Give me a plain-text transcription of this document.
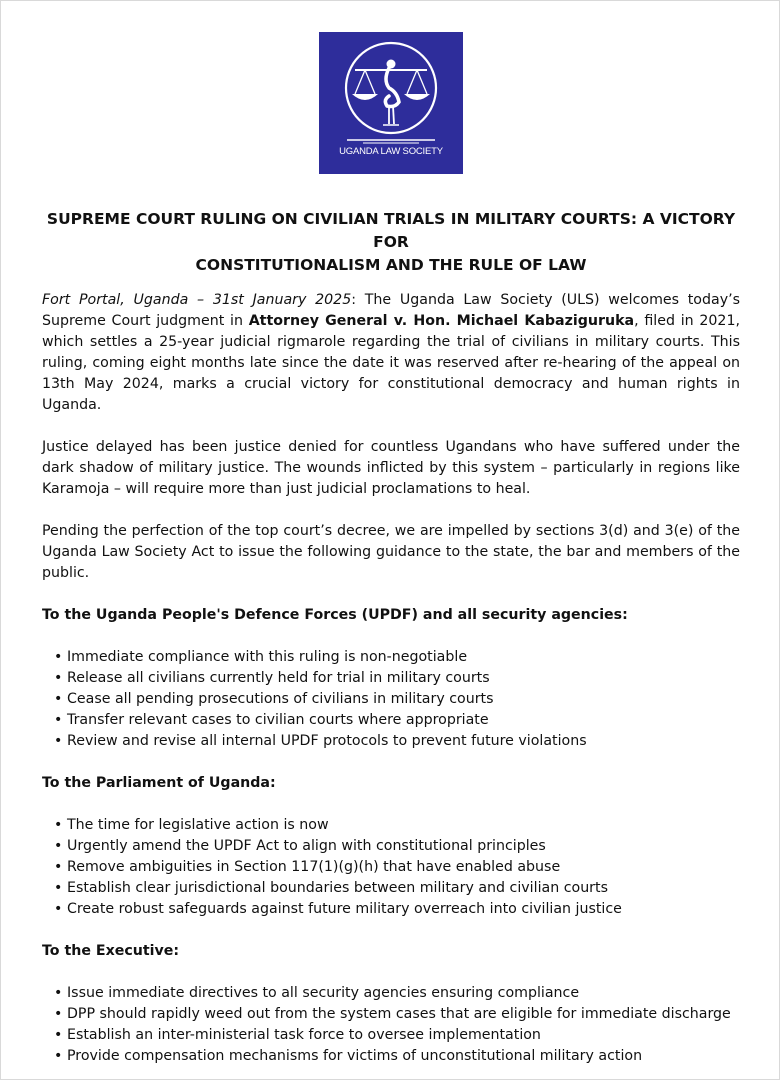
UGANDA LAW SOCIETY
SUPREME COURT RULING ON CIVILIAN TRIALS IN MILITARY COURTS: A VICTORY FOR
CONSTITUTIONALISM AND THE RULE OF LAW

Fort Portal, Uganda – 31st January 2025: The Uganda Law Society (ULS) welcomes today’s Supreme Court judgment in Attorney General v. Hon. Michael Kabaziguruka, filed in 2021, which settles a 25-year judicial rigmarole regarding the trial of civilians in military courts. This ruling, coming eight months late since the date it was reserved after re-hearing of the appeal on 13th May 2024, marks a crucial victory for constitutional democracy and human rights in Uganda.

Justice delayed has been justice denied for countless Ugandans who have suffered under the dark shadow of military justice. The wounds inflicted by this system – particularly in regions like Karamoja – will require more than just judicial proclamations to heal.

Pending the perfection of the top court’s decree, we are impelled by sections 3(d) and 3(e) of the Uganda Law Society Act to issue the following guidance to the state, the bar and members of the public.

To the Uganda People's Defence Forces (UPDF) and all security agencies:
• Immediate compliance with this ruling is non-negotiable
• Release all civilians currently held for trial in military courts
• Cease all pending prosecutions of civilians in military courts
• Transfer relevant cases to civilian courts where appropriate
• Review and revise all internal UPDF protocols to prevent future violations
To the Parliament of Uganda:
• The time for legislative action is now
• Urgently amend the UPDF Act to align with constitutional principles
• Remove ambiguities in Section 117(1)(g)(h) that have enabled abuse
• Establish clear jurisdictional boundaries between military and civilian courts
• Create robust safeguards against future military overreach into civilian justice
To the Executive:
• Issue immediate directives to all security agencies ensuring compliance
• DPP should rapidly weed out from the system cases that are eligible for immediate discharge
• Establish an inter-ministerial task force to oversee implementation
• Provide compensation mechanisms for victims of unconstitutional military action
